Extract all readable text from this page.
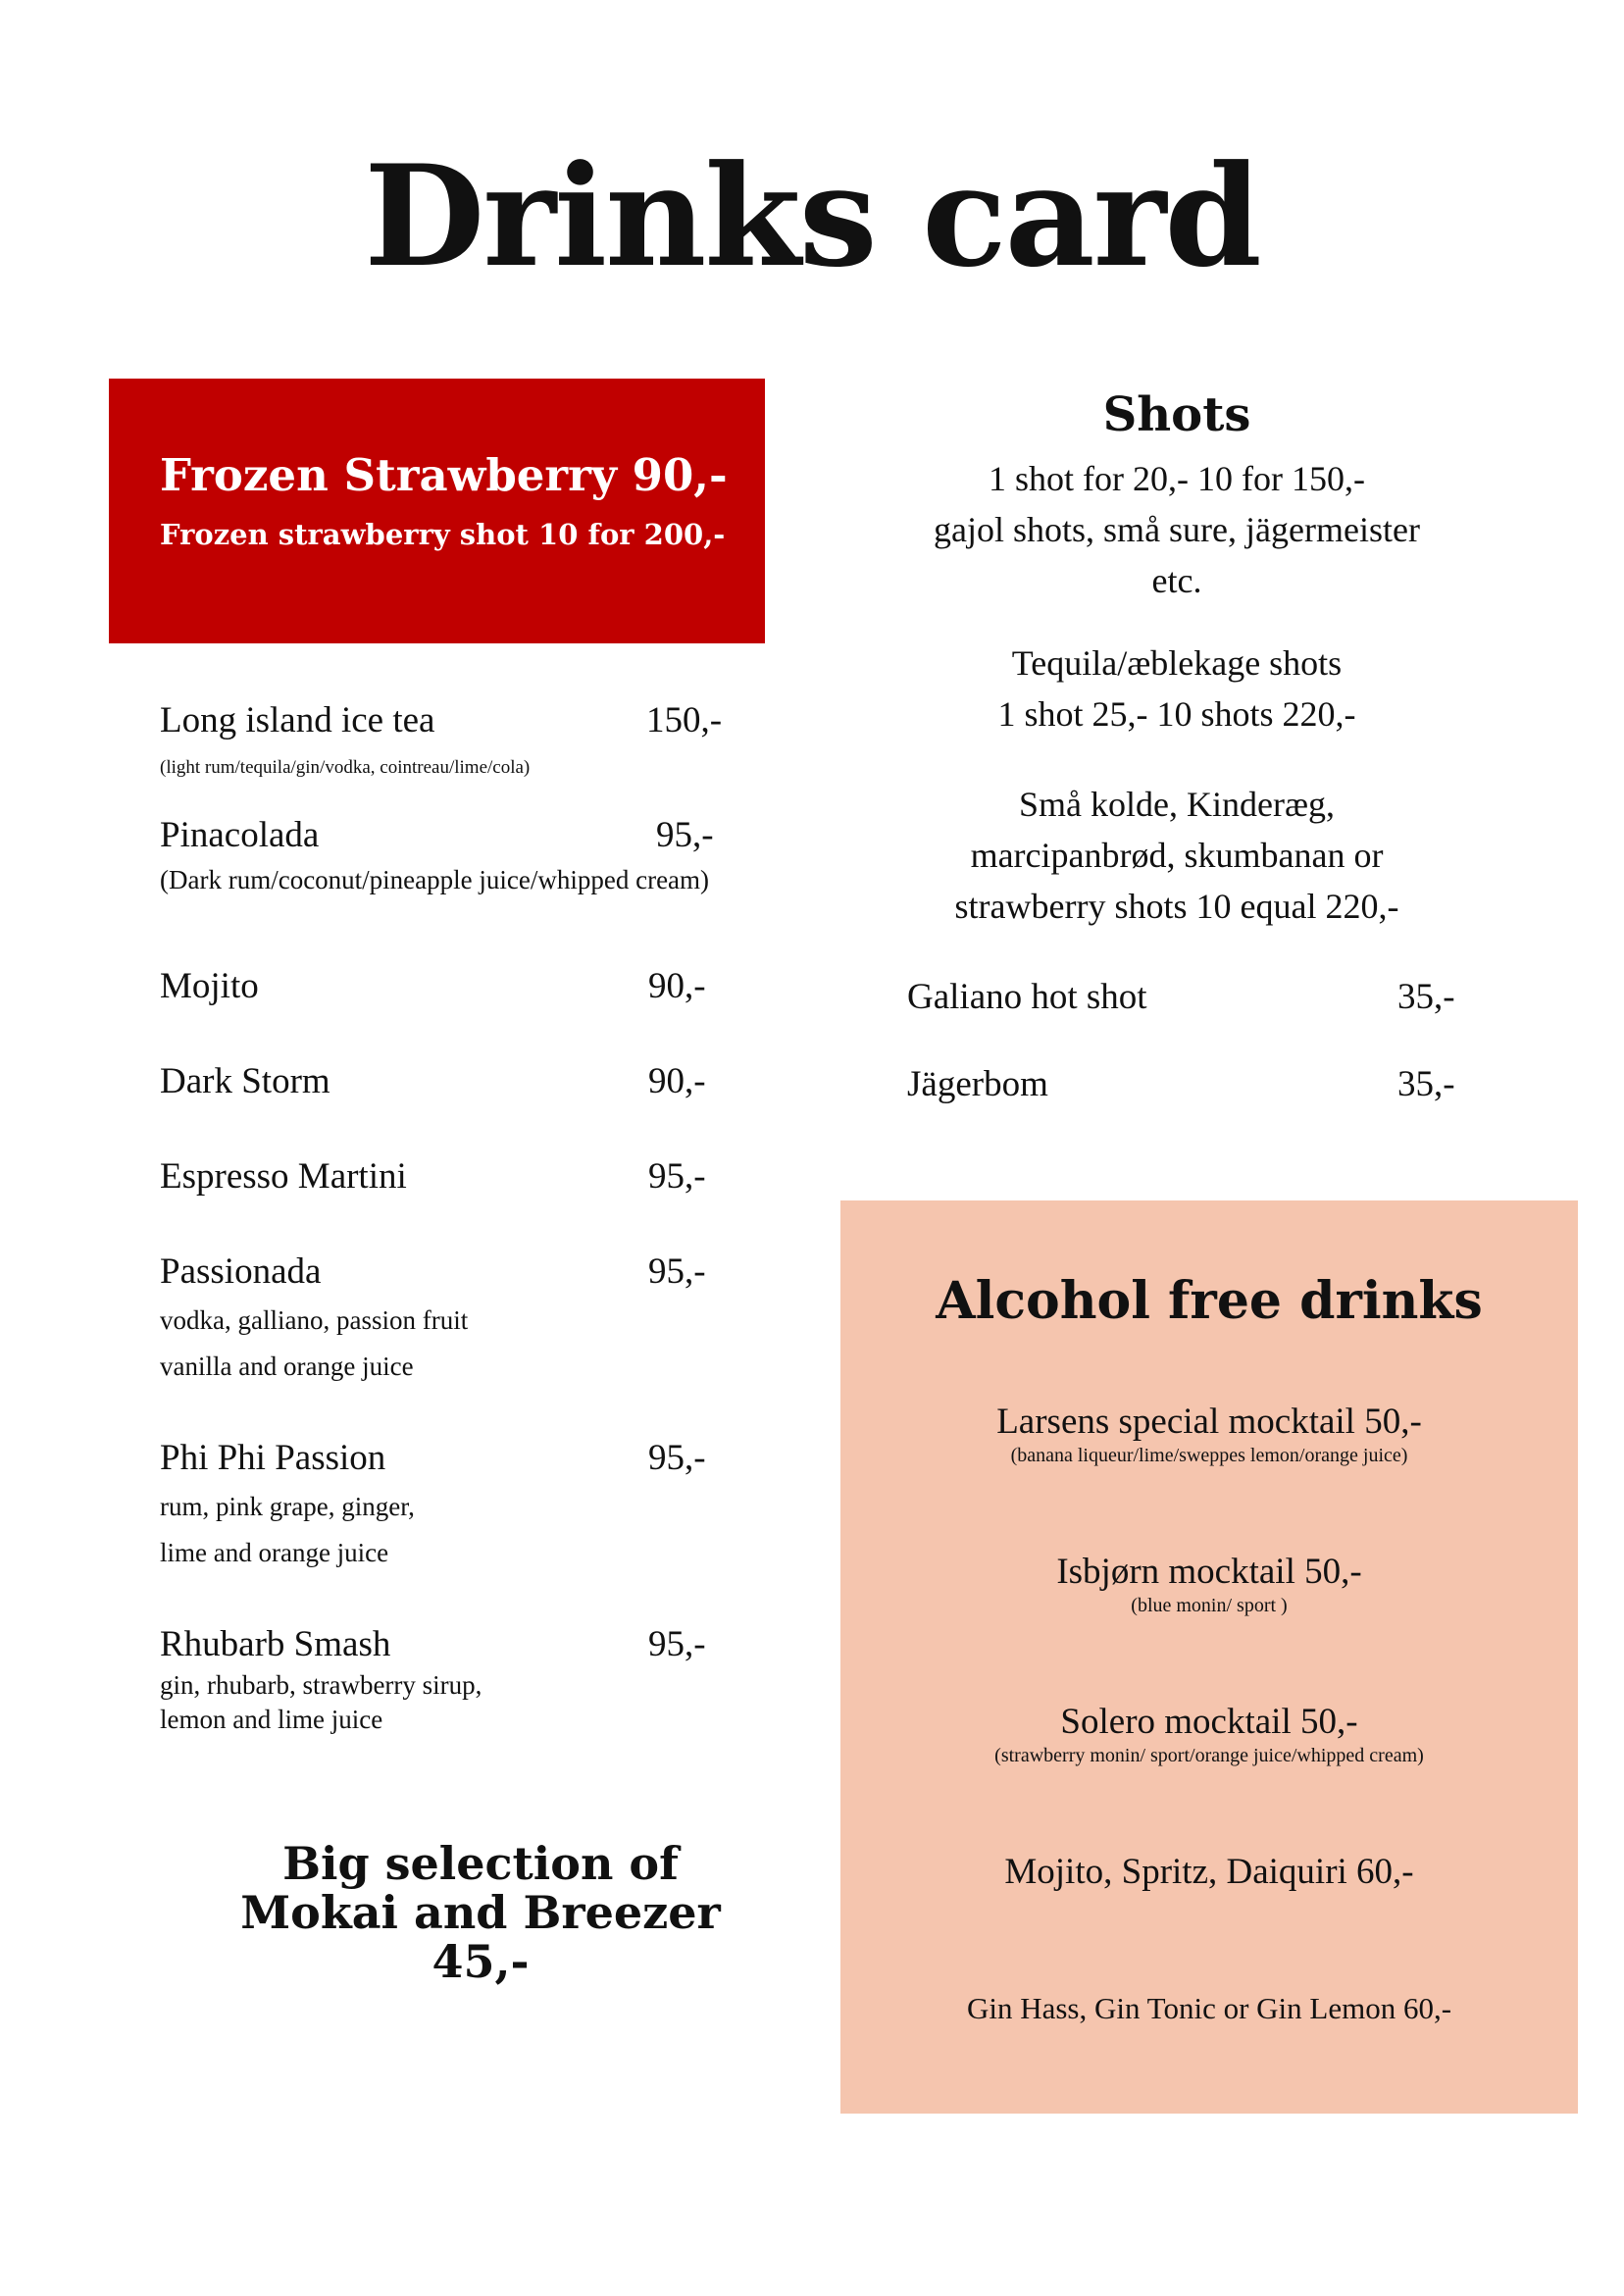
Drinks card
Frozen Strawberry 90,-
Frozen strawberry shot 10 for 200,-
Long island ice tea	150,-
(light rum/tequila/gin/vodka, cointreau/lime/cola)
Pinacolada	95,-
(Dark rum/coconut/pineapple juice/whipped cream)
Mojito	90,-
Dark Storm	90,-
Espresso Martini	95,-
Passionada	95,-
vodka, galliano, passion fruit
vanilla and orange juice
Phi Phi Passion	95,-
rum, pink grape, ginger,
lime and orange juice
Rhubarb Smash	95,-
gin, rhubarb, strawberry sirup,
lemon and lime juice
Big selection of
Mokai and Breezer
45,-
Shots
1 shot for 20,- 10 for 150,-
gajol shots, små sure, jägermeister
etc.
Tequila/æblekage shots
1 shot 25,- 10 shots 220,-
Små kolde, Kinderæg,
marcipanbrød, skumbanan or
strawberry shots 10 equal 220,-
Galiano hot shot	35,-
Jägerbom	35,-
Alcohol free drinks
Larsens special mocktail 50,-
(banana liqueur/lime/sweppes lemon/orange juice)
Isbjørn mocktail 50,-
(blue monin/ sport )
Solero mocktail 50,-
(strawberry monin/ sport/orange juice/whipped cream)
Mojito, Spritz, Daiquiri 60,-
Gin Hass, Gin Tonic or Gin Lemon 60,-
